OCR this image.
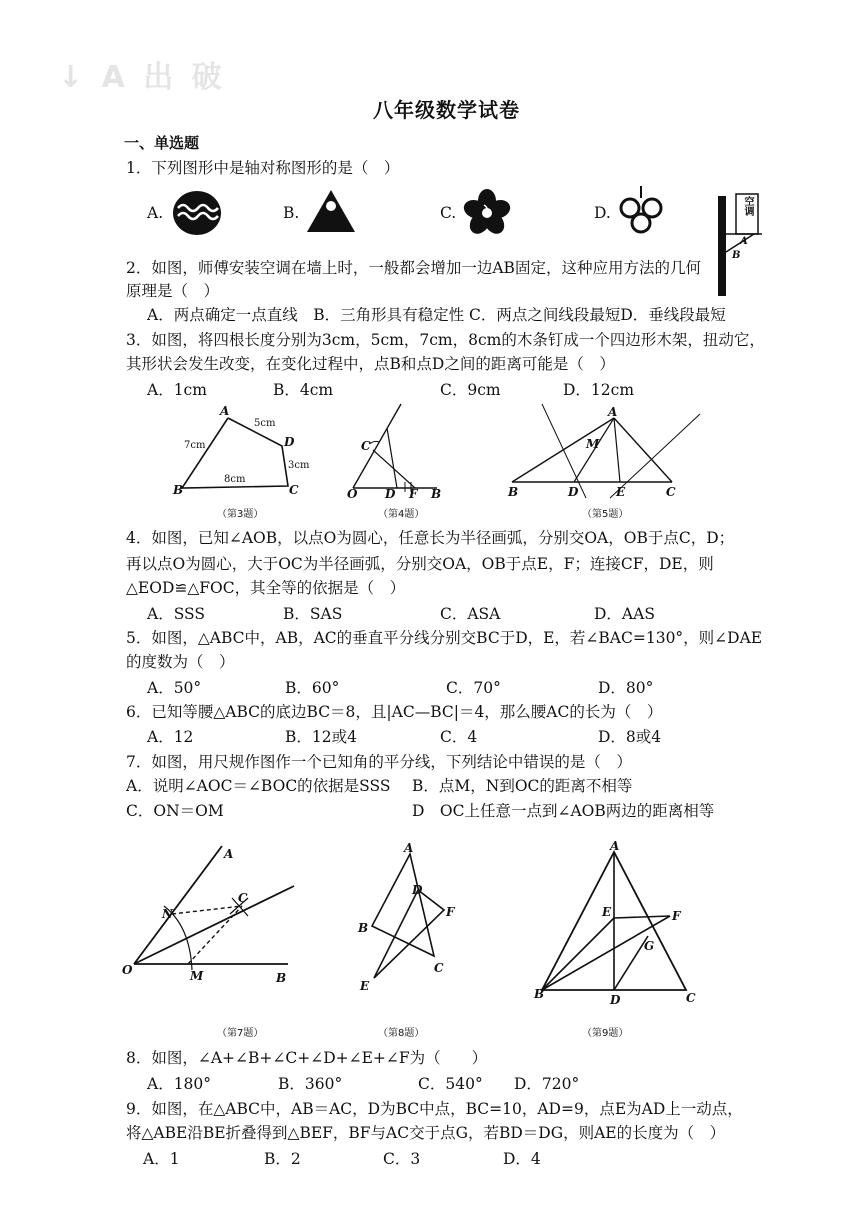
↓ A 出 破
八年级数学试卷
一、单选题
1．下列图形中是轴对称图形的是（　）
A.	B.	C.	D.
A
B
空调
2．如图，师傅安装空调在墙上时，一般都会增加一边AB固定，这种应用方法的几何
原理是（　）
A．两点确定一点直线　B．三角形具有稳定性 C．两点之间线段最短D．垂线段最短
3．如图，将四根长度分别为3cm，5cm，7cm，8cm的木条钉成一个四边形木架，扭动它，
其形状会发生改变，在变化过程中，点B和点D之间的距离可能是（　）
A．1cm	B．4cm	C．9cm	D．12cm
A
B	C
D
5cm
7cm
8cm
3cm
（第3题）
C
O D F B
（第4题）
A
M
B	D	E	C
（第5题）
4．如图，已知∠AOB，以点O为圆心，任意长为半径画弧，分别交OA，OB于点C，D；
再以点O为圆心，大于OC为半径画弧，分别交OA，OB于点E，F；连接CF，DE，则
△EOD≌△FOC，其全等的依据是（　）
A．SSS	B．SAS	C．ASA	D．AAS
5．如图，△ABC中，AB，AC的垂直平分线分别交BC于D，E，若∠BAC=130°，则∠DAE
的度数为（　）
A．50°	B．60°	C．70°	D．80°
6．已知等腰△ABC的底边BC＝8，且|AC—BC|＝4，那么腰AC的长为（　）
A．12	B．12或4	C．4	D．8或4
7．如图，用尺规作图作一个已知角的平分线，下列结论中错误的是（　）
A．说明∠AOC＝∠BOC的依据是SSS B．点M，N到OC的距离不相等
C．ON＝OM	D　OC上任意一点到∠AOB两边的距离相等
A
N
C
O	M	B
（第7题）
A
D
F
B
C
E
（第8题）
A
E	F
G
B	D	C
（第9题）
8．如图，∠A+∠B+∠C+∠D+∠E+∠F为（　　）
A．180°	B．360°	C．540° D．720°
9．如图，在△ABC中，AB＝AC，D为BC中点，BC=10，AD=9，点E为AD上一动点，
将△ABE沿BE折叠得到△BEF，BF与AC交于点G，若BD＝DG，则AE的长度为（　）
A．1	B．2	C．3	D．4
